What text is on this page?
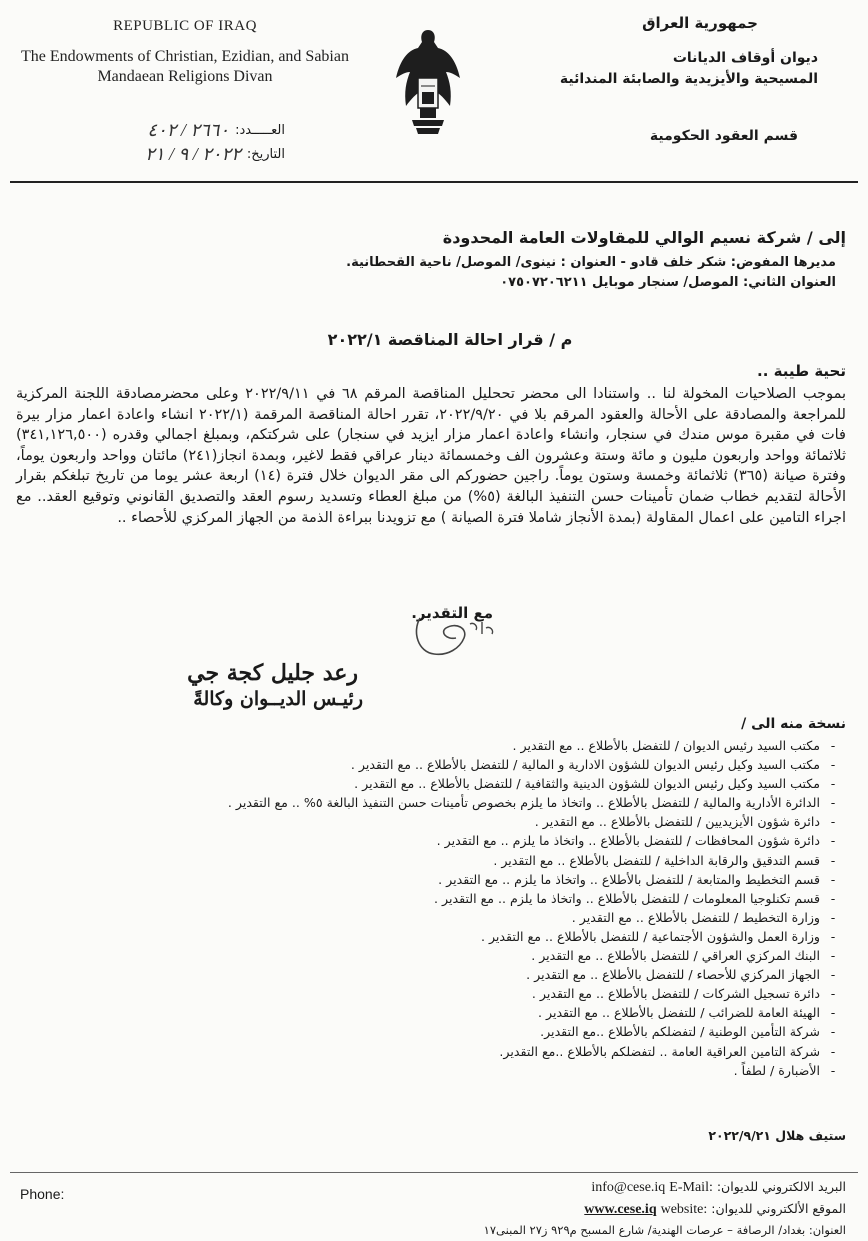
REPUBLIC OF IRAQ
The Endowments of Christian, Ezidian, and Sabian Mandaean Religions Divan
العـــــدد:
٢٦٦٠ / ٤٠٢
التاريخ:
٢٠٢٢ / ٩ / ٢١
جمهورية العراق
ديوان أوقاف الديانات
المسيحية والأيزيدية والصابئة المندائية
قسم العقود الحكومية
إلى / شركة نسيم الوالي للمقاولات العامة المحدودة
مديرها المفوض: شكر خلف قادو - العنوان : نينوى/ الموصل/ ناحية القحطانية.
العنوان الثاني: الموصل/ سنجار موبايل ٠٧٥٠٧٢٠٦٢١١
م / قرار احالة المناقصة ٢٠٢٢/١
تحية طيبة ..
بموجب الصلاحيات المخولة لنا .. واستنادا الى محضر تححليل المناقصة المرقم ٦٨ في ٢٠٢٢/٩/١١ وعلى محضرمصادقة اللجنة المركزية للمراجعة والمصادقة على الأحالة والعقود المرقم بلا في ٢٠٢٢/٩/٢٠، تقرر احالة المناقصة المرقمة (٢٠٢٢/١ انشاء واعادة اعمار مزار بيرة فات في مقبرة موس مندك في سنجار، وانشاء واعادة اعمار مزار ايزيد في سنجار) على شركتكم، وبمبلغ اجمالي وقدره (٣٤١,١٢٦,٥٠٠) ثلاثمائة وواحد واربعون مليون و مائة وستة وعشرون الف وخمسمائة دينار عراقي فقط لاغير، وبمدة انجاز(٢٤١) مائتان وواحد واربعون يوماً، وفترة صيانة (٣٦٥) ثلاثمائة وخمسة وستون يوماً. راجين حضوركم الى مقر الديوان خلال فترة (١٤) اربعة عشر يوما من تاريخ تبلغكم بقرار الأحالة لتقديم خطاب ضمان تأمينات حسن التنفيذ البالغة (٥%) من مبلغ العطاء وتسديد رسوم العقد والتصديق القانوني وتوقيع العقد.. مع اجراء التامين على اعمال المقاولة (بمدة الأنجاز شاملا فترة الصيانة ) مع تزويدنا ببراءة الذمة من الجهاز المركزي للأحصاء ..
مع التقدير.
رعد جليل كجة جي
رئيـس الديــوان وكالةً
نسخة منه الى /
-مكتب السيد رئيس الديوان / للتفضل بالأطلاع .. مع التقدير .
-مكتب السيد وكيل رئيس الديوان للشؤون الادارية و المالية / للتفضل بالأطلاع .. مع التقدير .
-مكتب السيد وكيل رئيس الديوان للشؤون الدينية والثقافية / للتفضل بالأطلاع .. مع التقدير .
-الدائرة الأدارية والمالية / للتفضل بالأطلاع .. واتخاذ ما يلزم بخصوص تأمينات حسن التنفيذ البالغة ٥% .. مع التقدير .
-دائرة شؤون الأيزيديين / للتفضل بالأطلاع .. مع التقدير .
-دائرة شؤون المحافظات / للتفضل بالأطلاع .. واتخاذ ما يلزم .. مع التقدير .
-قسم التدقيق والرقابة الداخلية / للتفضل بالأطلاع .. مع التقدير .
-قسم التخطيط والمتابعة / للتفضل بالأطلاع .. واتخاذ ما يلزم .. مع التقدير .
-قسم تكنلوجيا المعلومات / للتفضل بالأطلاع .. واتخاذ ما يلزم .. مع التقدير .
-وزارة التخطيط / للتفضل بالأطلاع .. مع التقدير .
-وزارة العمل والشؤون الأجتماعية / للتفضل بالأطلاع .. مع التقدير .
-البنك المركزي العراقي / للتفضل بالأطلاع .. مع التقدير .
-الجهاز المركزي للأحصاء / للتفضل بالأطلاع .. مع التقدير .
-دائرة تسجيل الشركات / للتفضل بالأطلاع .. مع التقدير .
-الهيئة العامة للضرائب / للتفضل بالأطلاع .. مع التقدير .
-شركة التأمين الوطنية / لتفضلكم بالأطلاع ..مع التقدير.
-شركة التامين العراقية العامة .. لتفضلكم بالأطلاع ..مع التقدير.
-الأضبارة / لطفاً .
ستيف هلال ٢٠٢٢/٩/٢١
Phone:	البريد الالكتروني للديوان: info@cese.iq E-Mail:
الموقع الألكتروني للديوان: www.cese.iq website:
العنوان: بغداد/ الرصافة – عرصات الهندية/ شارع المسبح م٩٢٩ ز٢٧ المبنى١٧
